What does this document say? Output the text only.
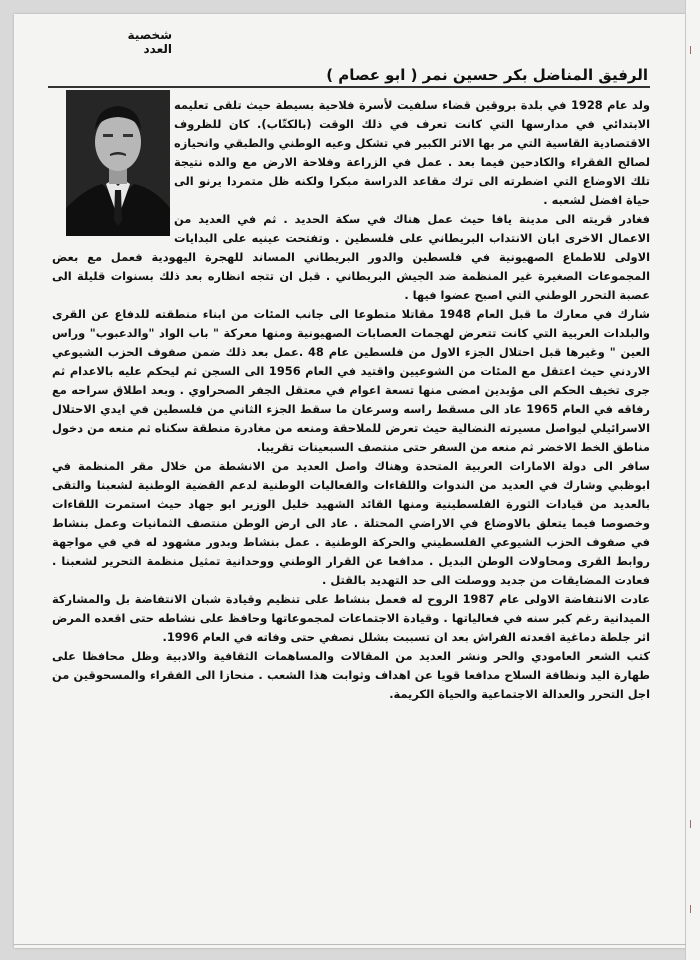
|
|
|
شخصية العدد
الرفيق المناضل بكر حسين نمر ( ابو عصام )

ولد عام 1928 في بلدة بروقين قضاء سلفيت لأسرة فلاحية بسيطة حيث تلقى تعليمه الابتدائي في مدارسها التي كانت تعرف في ذلك الوقت (بالكتّاب). كان للظروف الاقتصادية القاسية التي مر بها الاثر الكبير في تشكل وعيه الوطني والطبقي وانحيازه لصالح الفقراء والكادحين فيما بعد . عمل في الزراعة وفلاحة الارض مع والده نتيجة تلك الاوضاع التي اضطرته الى ترك مقاعد الدراسة مبكرا ولكنه ظل متمردا يرنو الى حياة افضل لشعبه .

فغادر قريته الى مدينة يافا حيث عمل هناك في سكة الحديد . ثم في العديد من الاعمال الاخرى ابان الانتداب البريطاني على فلسطين . وتفتحت عينيه على البدايات الاولى للاطماع الصهيونية في فلسطين والدور البريطاني المساند للهجرة اليهودية فعمل مع بعض المجموعات الصغيرة غير المنظمة ضد الجيش البريطاني . قبل ان تتجه انظاره بعد ذلك بسنوات قليلة الى عصبة التحرر الوطني التي اصبح عضوا فيها .

شارك في معارك ما قبل العام 1948 مقاتلا متطوعا الى جانب المئات من ابناء منطقته للدفاع عن القرى والبلدات العربية التي كانت تتعرض لهجمات العصابات الصهيونية ومنها معركة " باب الواد "والدعبوب" وراس العين " وغيرها قبل احتلال الجزء الاول من فلسطين عام 48 .عمل بعد ذلك ضمن صفوف الحزب الشيوعي الاردني حيث اعتقل مع المئات من الشوعيين واقتيد في العام 1956 الى السجن ثم ليحكم عليه بالاعدام ثم جرى تخيف الحكم الى مؤبدين امضى منها تسعة اعوام في معتقل الجفر الصحراوي . وبعد اطلاق سراحه مع رفاقه في العام 1965 عاد الى مسقط راسه وسرعان ما سقط الجزء الثاني من فلسطين في ايدي الاحتلال الاسرائيلي ليواصل مسيرته النضالية حيث تعرض للملاحقة ومنعه من مغادرة منطقة سكناه ثم منعه من دخول مناطق الخط الاخضر ثم منعه من السفر حتى منتصف السبعينات تقريبا.

سافر الى دولة الامارات العربية المتحدة وهناك واصل العديد من الانشطة من خلال مقر المنظمة في ابوظبي وشارك في العديد من الندوات واللقاءات والفعاليات الوطنية لدعم القضية الوطنية لشعبنا والتقى بالعديد من قيادات الثورة الفلسطينية ومنها القائد الشهيد خليل الوزير ابو جهاد حيث استمرت اللقاءات وخصوصا فيما يتعلق بالاوضاع في الاراضي المحتلة . عاد الى ارض الوطن منتصف الثمانيات وعمل بنشاط في صفوف الحزب الشيوعي الفلسطيني والحركة الوطنية . عمل بنشاط وبدور مشهود له في في مواجهة روابط القرى ومحاولات الوطن البديل . مدافعا عن القرار الوطني ووحدانية تمثيل منظمة التحرير لشعبنا . فعادت المضايقات من جديد ووصلت الى حد التهديد بالقتل .

عادت الانتفاضة الاولى عام 1987 الروح له فعمل بنشاط على تنظيم وقيادة شبان الانتفاضة بل والمشاركة الميدانية رغم كبر سنه في فعالياتها . وقيادة الاجتماعات لمجموعاتها وحافظ على نشاطه حتى اقعده المرض اثر جلطة دماغية اقعدته الفراش بعد ان تسببت بشلل نصفي حتى وفاته في العام 1996.

كتب الشعر العامودي والحر ونشر العديد من المقالات والمساهمات الثقافية والادبية وظل محافظا على طهارة اليد ونظافة السلاح مدافعا قويا عن اهداف وثوابت هذا الشعب . منحازا الى الفقراء والمسحوقين من اجل التحرر والعدالة الاجتماعية والحياة الكريمة.
